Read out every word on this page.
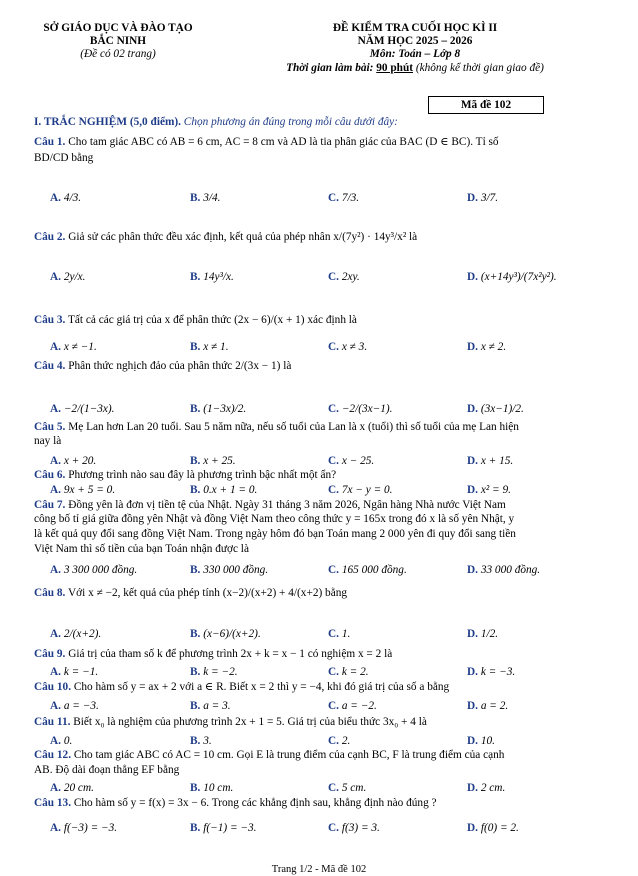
SỞ GIÁO DỤC VÀ ĐÀO TẠO
BẮC NINH
(Đề có 02 trang)
ĐỀ KIỂM TRA CUỐI HỌC KÌ II
NĂM HỌC 2025 – 2026
Môn: Toán – Lớp 8
Thời gian làm bài: 90 phút (không kể thời gian giao đề)
Mã đề 102
I. TRẮC NGHIỆM (5,0 điểm). Chọn phương án đúng trong mỗi câu dưới đây:
Câu 1. Cho tam giác ABC có AB = 6 cm, AC = 8 cm và AD là tia phân giác của BAC (D ∈ BC). Tỉ số
BD/CD bằng
A. 4/3.	B. 3/4.	C. 7/3.	D. 3/7.
Câu 2. Giả sử các phân thức đều xác định, kết quả của phép nhân x/(7y²) · 14y³/x² là
A. 2y/x.	B. 14y³/x.	C. 2xy.	D. (x+14y³)/(7x²y²).
Câu 3. Tất cả các giá trị của x để phân thức (2x − 6)/(x + 1) xác định là
A. x ≠ −1.	B. x ≠ 1.	C. x ≠ 3.	D. x ≠ 2.
Câu 4. Phân thức nghịch đảo của phân thức 2/(3x − 1) là
A. −2/(1−3x).	B. (1−3x)/2.	C. −2/(3x−1).	D. (3x−1)/2.
Câu 5. Mẹ Lan hơn Lan 20 tuổi. Sau 5 năm nữa, nếu số tuổi của Lan là x (tuổi) thì số tuổi của mẹ Lan hiện
nay là
A. x + 20.	B. x + 25.	C. x − 25.	D. x + 15.
Câu 6. Phương trình nào sau đây là phương trình bậc nhất một ẩn?
A. 9x + 5 = 0.	B. 0.x + 1 = 0.	C. 7x − y = 0.	D. x² = 9.
Câu 7. Đồng yên là đơn vị tiền tệ của Nhật. Ngày 31 tháng 3 năm 2026, Ngân hàng Nhà nước Việt Nam
công bố tỉ giá giữa đồng yên Nhật và đồng Việt Nam theo công thức y = 165x trong đó x là số yên Nhật, y
là kết quả quy đổi sang đồng Việt Nam. Trong ngày hôm đó bạn Toán mang 2 000 yên đi quy đổi sang tiền
Việt Nam thì số tiền của bạn Toán nhận được là
A. 3 300 000 đồng.	B. 330 000 đồng.	C. 165 000 đồng.	D. 33 000 đồng.
Câu 8. Với x ≠ −2, kết quả của phép tính (x−2)/(x+2) + 4/(x+2) bằng
A. 2/(x+2).	B. (x−6)/(x+2).	C. 1.	D. 1/2.
Câu 9. Giá trị của tham số k để phương trình 2x + k = x − 1 có nghiệm x = 2 là
A. k = −1.	B. k = −2.	C. k = 2.	D. k = −3.
Câu 10. Cho hàm số y = ax + 2 với a ∈ R. Biết x = 2 thì y = −4, khi đó giá trị của số a bằng
A. a = −3.	B. a = 3.	C. a = −2.	D. a = 2.
Câu 11. Biết x₀ là nghiệm của phương trình 2x + 1 = 5. Giá trị của biểu thức 3x₀ + 4 là
A. 0.	B. 3.	C. 2.	D. 10.
Câu 12. Cho tam giác ABC có AC = 10 cm. Gọi E là trung điểm của cạnh BC, F là trung điểm của cạnh
AB. Độ dài đoạn thẳng EF bằng
A. 20 cm.	B. 10 cm.	C. 5 cm.	D. 2 cm.
Câu 13. Cho hàm số y = f(x) = 3x − 6. Trong các khẳng định sau, khẳng định nào đúng ?
A. f(−3) = −3.	B. f(−1) = −3.	C. f(3) = 3.	D. f(0) = 2.
Trang 1/2 - Mã đề 102
